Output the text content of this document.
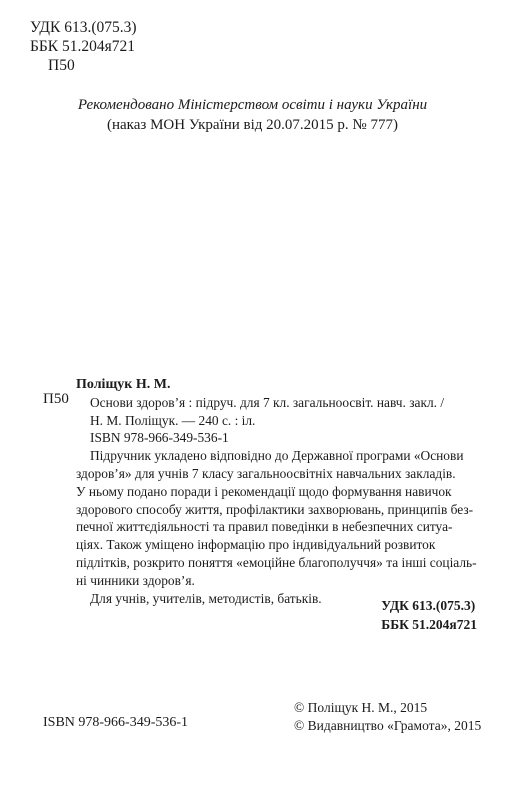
УДК 613.(075.3)
ББК 51.204я721
П50
Рекомендовано Міністерством освіти і науки України
(наказ МОН України від 20.07.2015 р. № 777)
П50
Поліщук Н. М.

Основи здоров’я : підруч. для 7 кл. загальноосвіт. навч. закл. /

Н. М. Поліщук. — 240 с. : іл.

ISBN 978-966-349-536-1

Підручник укладено відповідно до Державної програми «Основи

здоров’я» для учнів 7 класу загальноосвітніх навчальних закладів.

У ньому подано поради і рекомендації щодо формування навичок

здорового способу життя, профілактики захворювань, принципів без-

печної життєдіяльності та правил поведінки в небезпечних ситуа-

ціях. Також уміщено інформацію про індивідуальний розвиток

підлітків, розкрито поняття «емоційне благополуччя» та інші соціаль-

ні чинники здоров’я.

Для учнів, учителів, методистів, батьків.	УДК 613.(075.3)
ББК 51.204я721
ISBN 978-966-349-536-1
© Поліщук Н. М., 2015
© Видавництво «Грамота», 2015
